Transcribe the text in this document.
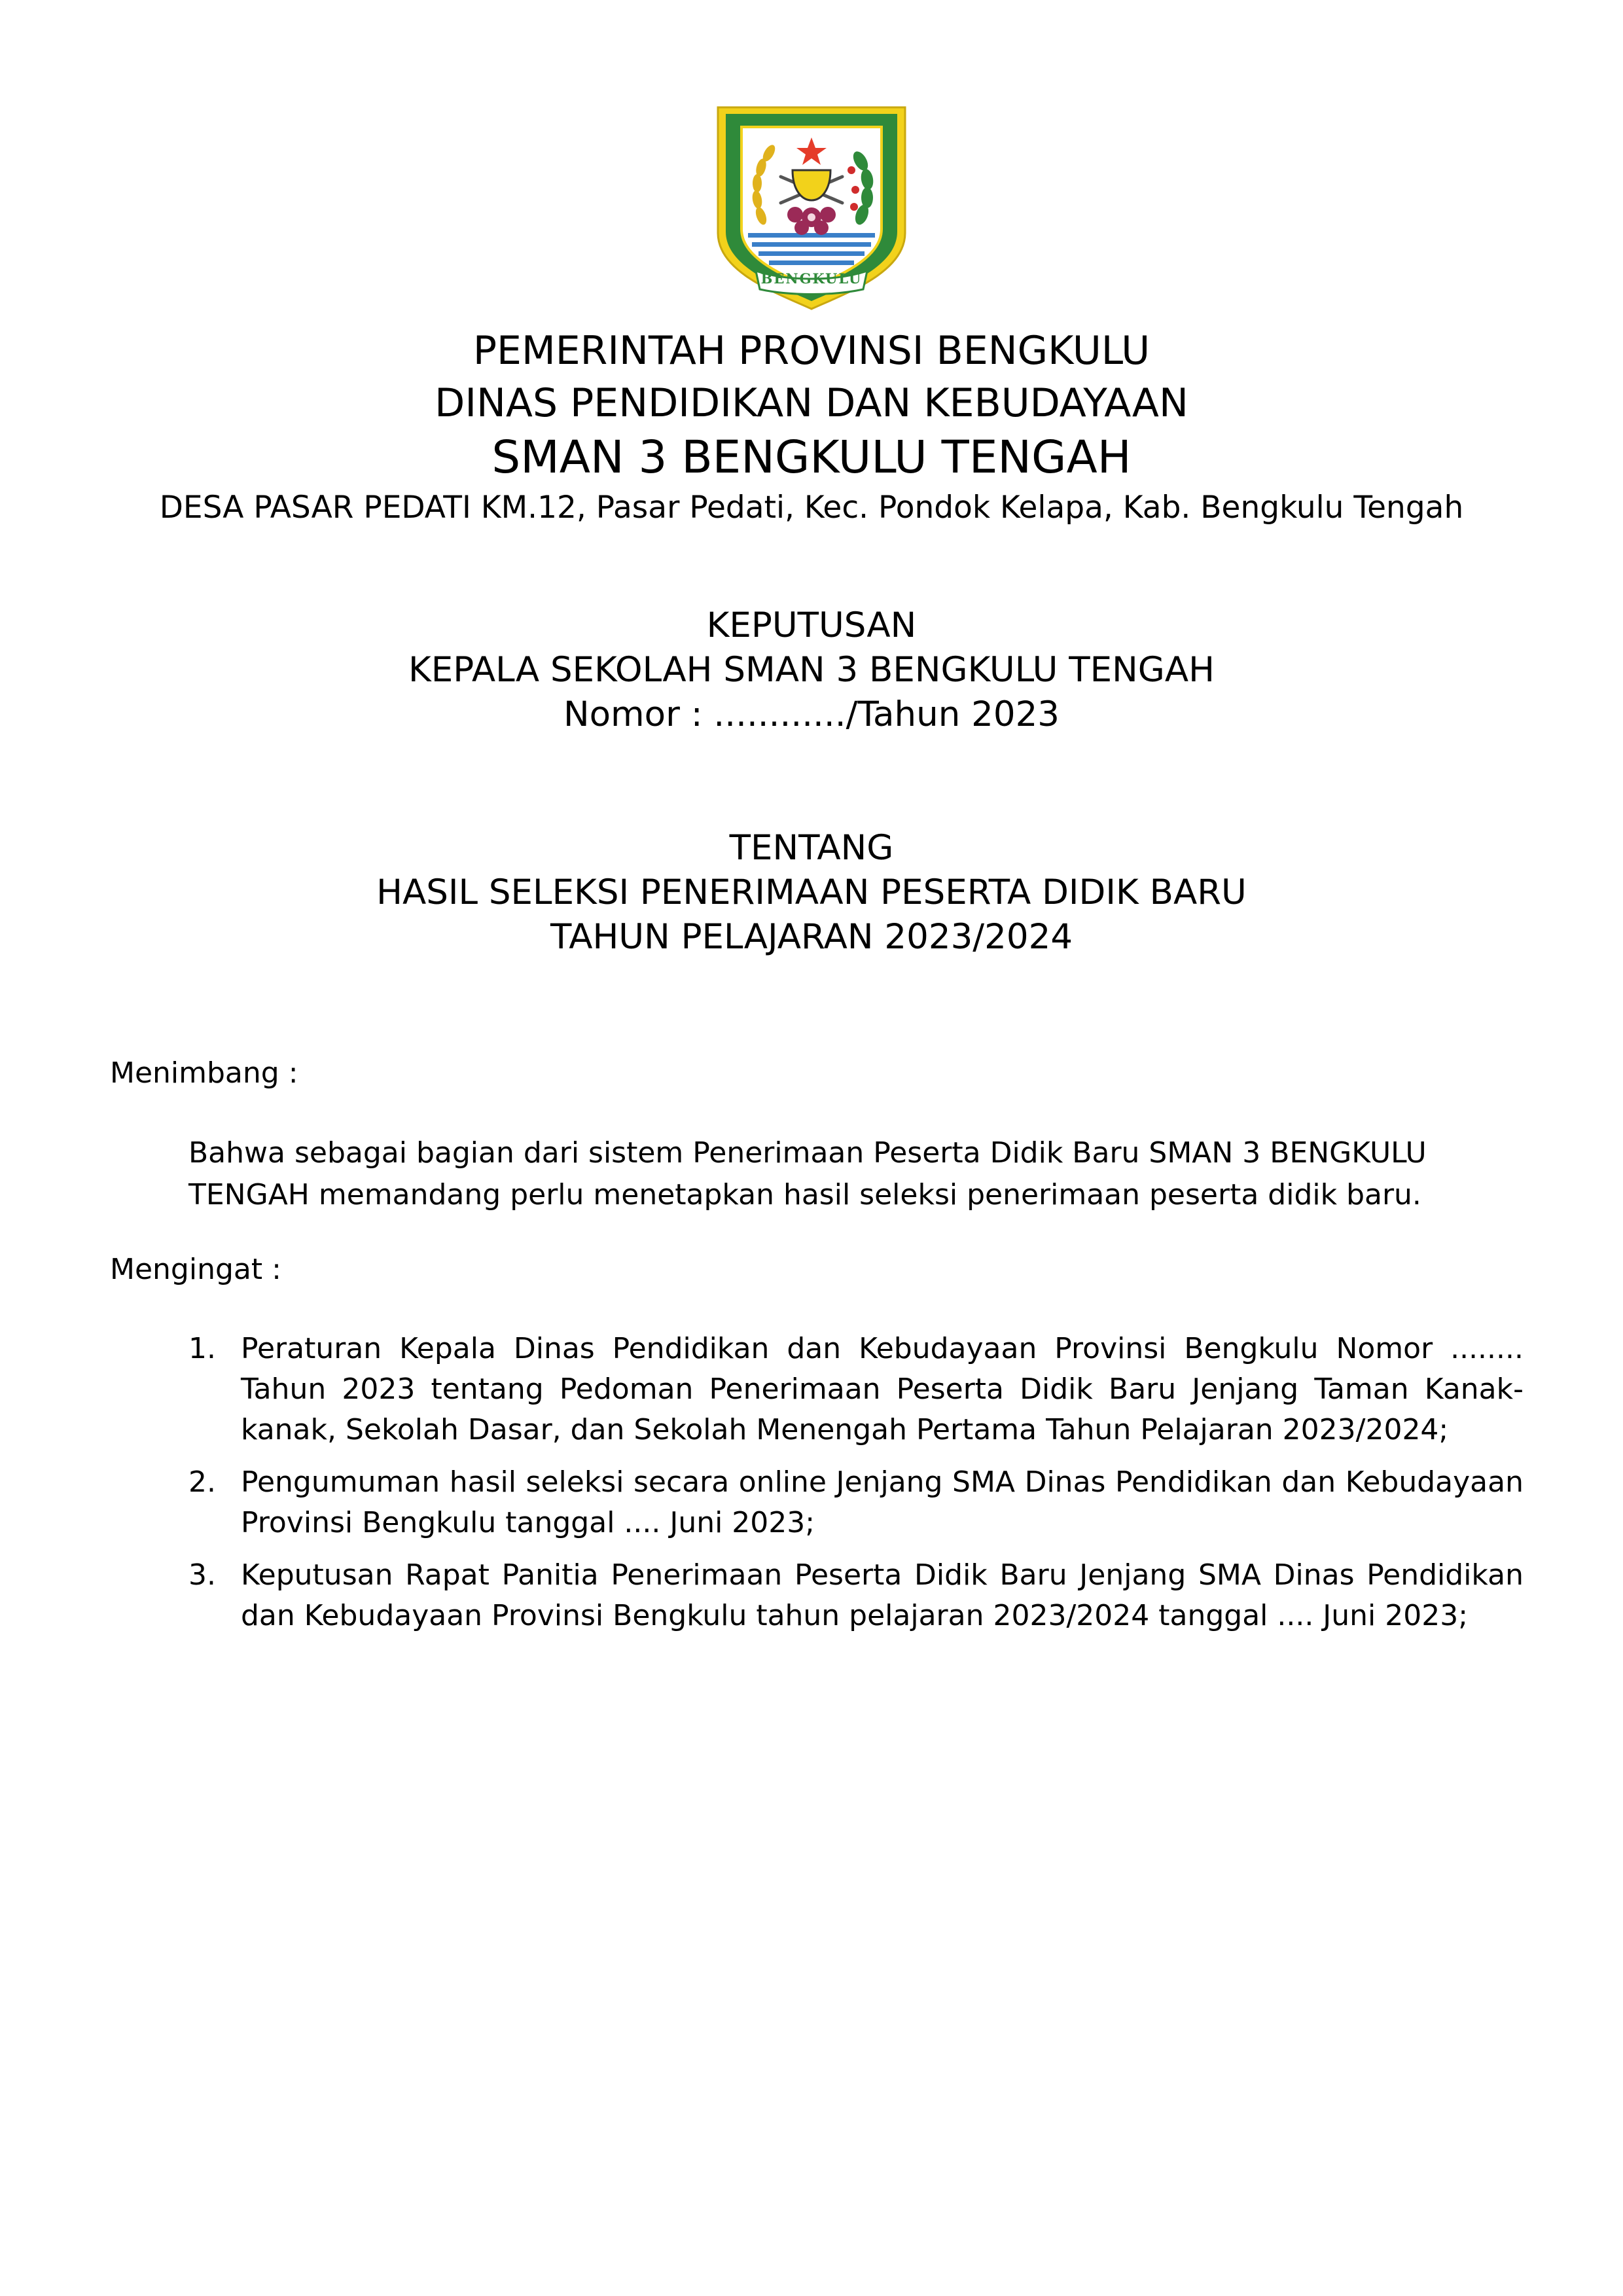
BENGKULU
PEMERINTAH PROVINSI BENGKULU
DINAS PENDIDIKAN DAN KEBUDAYAAN
SMAN 3 BENGKULU TENGAH
DESA PASAR PEDATI KM.12, Pasar Pedati, Kec. Pondok Kelapa, Kab. Bengkulu Tengah
KEPUTUSAN
KEPALA SEKOLAH SMAN 3 BENGKULU TENGAH
Nomor : ............/Tahun 2023
TENTANG
HASIL SELEKSI PENERIMAAN PESERTA DIDIK BARU
TAHUN PELAJARAN 2023/2024
Menimbang :
Bahwa sebagai bagian dari sistem Penerimaan Peserta Didik Baru SMAN 3 BENGKULU TENGAH memandang perlu menetapkan hasil seleksi penerimaan peserta didik baru.
Mengingat :
1. Peraturan Kepala Dinas Pendidikan dan Kebudayaan Provinsi Bengkulu Nomor ........ Tahun 2023 tentang Pedoman Penerimaan Peserta Didik Baru Jenjang Taman Kanak-kanak, Sekolah Dasar, dan Sekolah Menengah Pertama Tahun Pelajaran 2023/2024;
2. Pengumuman hasil seleksi secara online Jenjang SMA Dinas Pendidikan dan Kebudayaan Provinsi Bengkulu tanggal .... Juni 2023;
3. Keputusan Rapat Panitia Penerimaan Peserta Didik Baru Jenjang SMA Dinas Pendidikan dan Kebudayaan Provinsi Bengkulu tahun pelajaran 2023/2024 tanggal .... Juni 2023;
